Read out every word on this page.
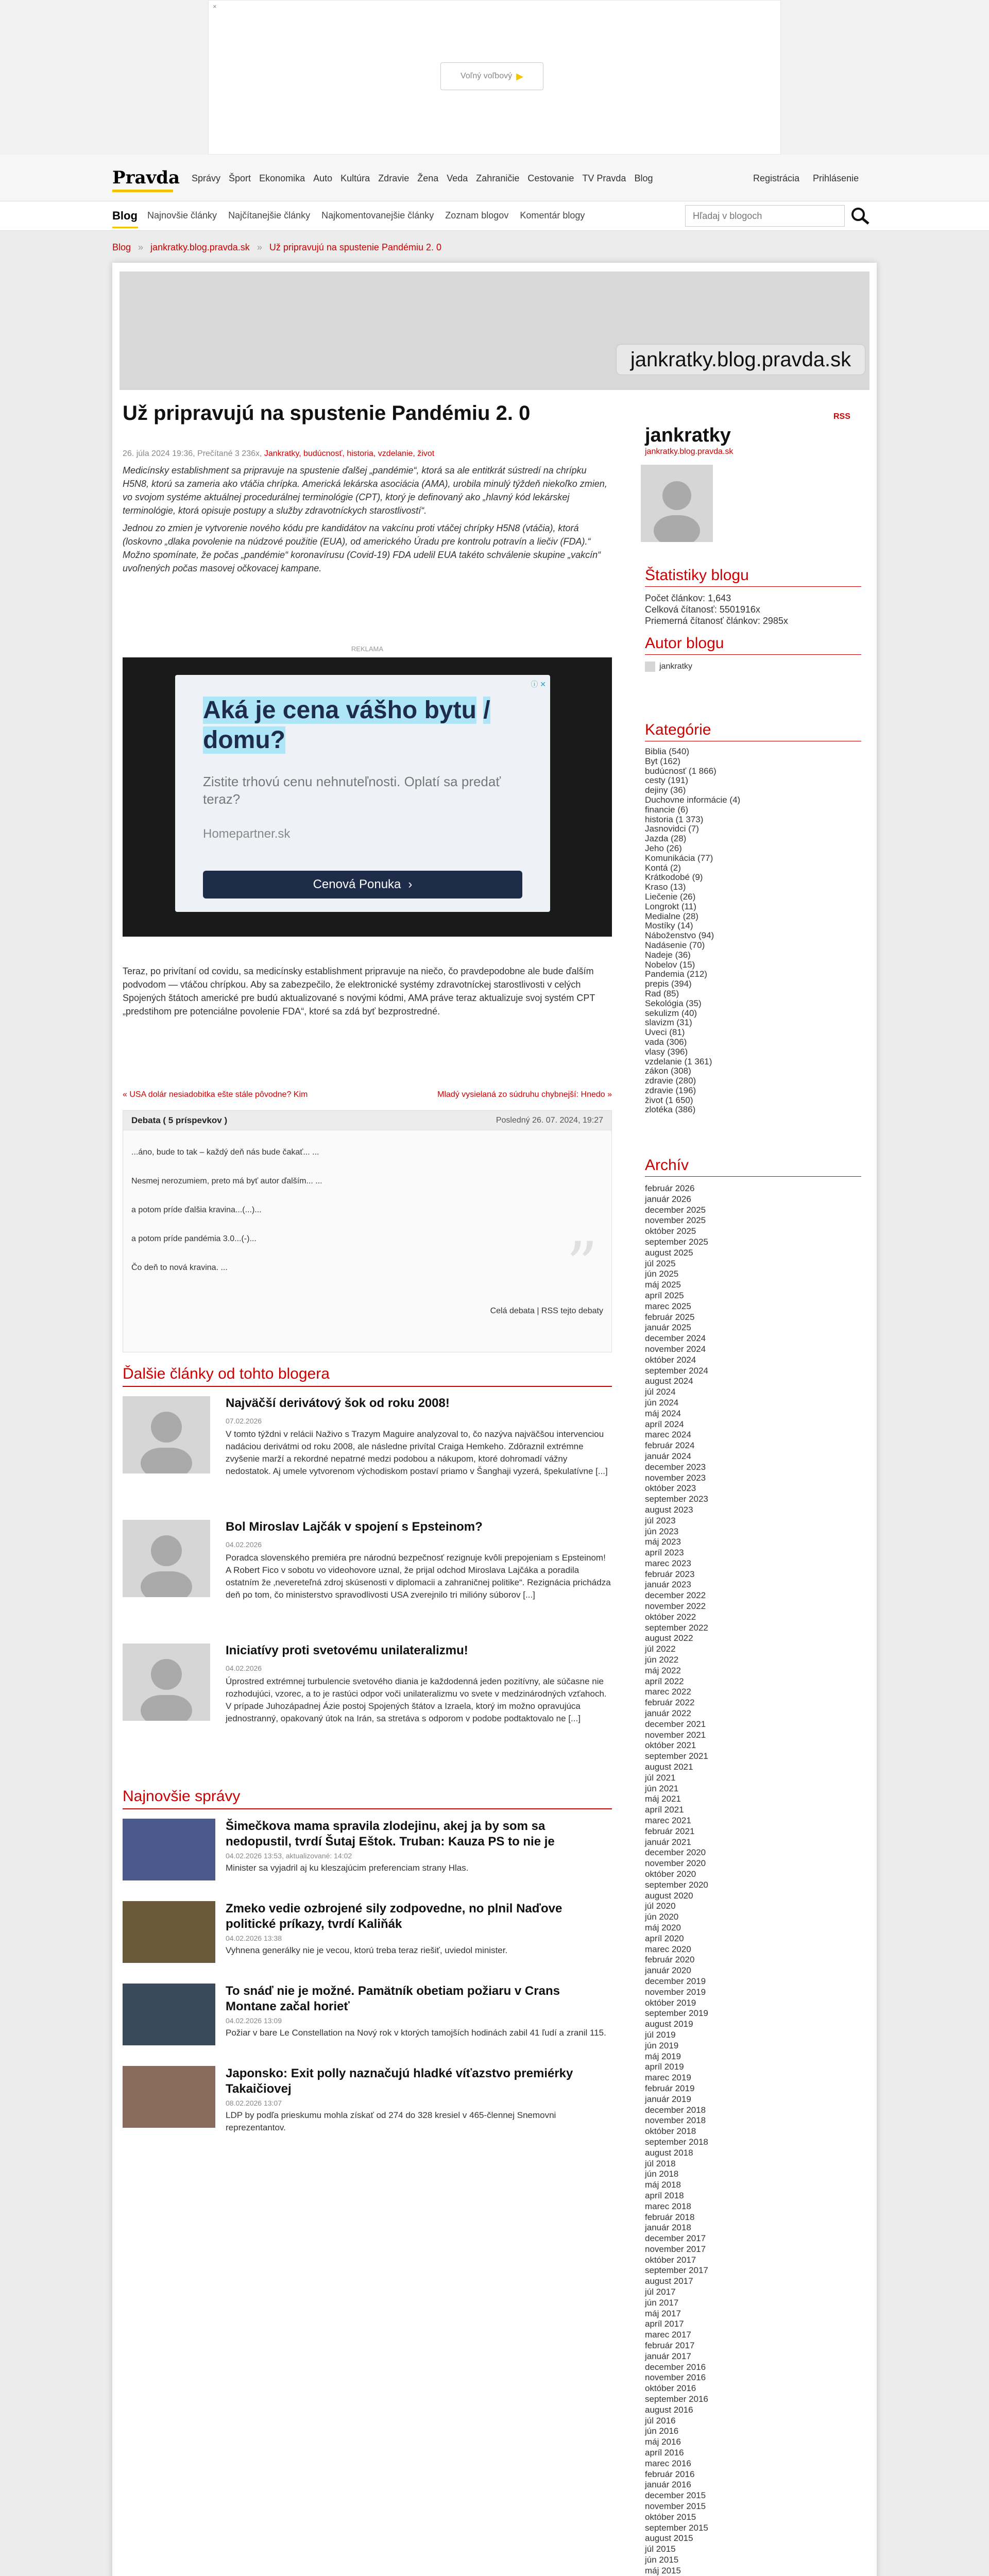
×
Voľný voľbový ▶
Pravda Správy Šport Ekonomika Auto Kultúra Zdravie Žena Veda Zahraničie Cestovanie TV Pravda Blog	Registrácia Prihlásenie
Blog Najnovšie články Najčítanejšie články Najkomentovanejšie články Zoznam blogov Komentár blogy
Hľadaj v blogoch
Blog » jankratky.blog.pravda.sk » Už pripravujú na spustenie Pandémiu 2. 0
jankratky.blog.pravda.sk
Už pripravujú na spustenie Pandémiu 2. 0
26. júla 2024 19:36, Prečítané 3 236x, Jankratky, budúcnosť, historia, vzdelanie, život

Medicínsky establishment sa pripravuje na spustenie ďalšej „pandémie“, ktorá sa ale entitkrát sústredí na chrípku H5N8, ktorú sa zameria ako vtáčia chrípka. Americká lekárska asociácia (AMA), urobila minulý týždeň niekoľko zmien, vo svojom systéme aktuálnej procedurálnej terminológie (CPT), ktorý je definovaný ako „hlavný kód lekárskej terminológie, ktorá opisuje postupy a služby zdravotníckych starostlivostí“.

Jednou zo zmien je vytvorenie nového kódu pre kandidátov na vakcínu proti vtáčej chrípky H5N8 (vtáčia), ktorá (loskovno „dlaka povolenie na núdzové použitie (EUA), od amerického Úradu pre kontrolu potravín a liečiv (FDA).“ Možno spomínate, že počas „pandémie“ koronavírusu (Covid-19) FDA udelil EUA takéto schválenie skupine „vakcín“ uvoľnených počas masovej očkovacej kampane.

REKLAMA
ⓘ ✕
Aká je cena vášho bytu / domu?
Zistite trhovú cenu nehnuteľnosti. Oplatí sa predať teraz?
Homepartner.sk
Cenová Ponuka ›
Teraz, po privítaní od covidu, sa medicínsky establishment pripravuje na niečo, čo pravdepodobne ale bude ďalším podvodom — vtáčou chrípkou. Aby sa zabezpečilo, že elektronické systémy zdravotníckej starostlivosti v celých Spojených štátoch americké pre budú aktualizované s novými kódmi, AMA práve teraz aktualizuje svoj systém CPT „predstihom pre potenciálne povolenie FDA“, ktoré sa zdá byť bezprostredné.
« USA dolár nesiadobitka ešte stále pôvodne? Kim	Mladý vysielaná zo súdruhu chybnejší: Hnedo »
Debata ( 5 príspevkov )	Posledný 26. 07. 2024, 19:27
...áno, bude to tak – každý deň nás bude čakať... ...
Nesmej nerozumiem, preto má byť autor ďalším... ...
a potom príde ďalšia kravina...(...)...
a potom príde pandémia 3.0...(-)...
Čo deň to nová kravina. ...	”
Celá debata | RSS tejto debaty
Ďalšie články od tohto blogera
Najväčší derivátový šok od roku 2008!
07.02.2026
V tomto týždni v relácii Naživo s Trazym Maguire analyzoval to, čo nazýva najväčšou intervenciou nadáciou derivátmi od roku 2008, ale následne privítal Craiga Hemkeho. Zdôraznil extrémne zvyšenie marží a rekordné nepatrné medzi podobou a nákupom, ktoré dohromadí vážny nedostatok. Aj umele vytvorenom východiskom postaví priamo v Šanghaji vyzerá, špekulatívne [...]
Bol Miroslav Lajčák v spojení s Epsteinom?
04.02.2026
Poradca slovenského premiéra pre národnú bezpečnosť rezignuje kvôli prepojeniam s Epsteinom! A Robert Fico v sobotu vo videohovore uznal, že prijal odchod Miroslava Lajčáka a poradila ostatním že ‚nevereteľná zdroj skúsenosti v diplomacii a zahraničnej politike“. Rezignácia prichádza deň po tom, čo ministerstvo spravodlivosti USA zverejnilo tri milióny súborov [...]
Iniciatívy proti svetovému unilateralizmu!
04.02.2026
Úprostred extrémnej turbulencie svetového diania je každodenná jeden pozitívny, ale súčasne nie rozhodujúci, vzorec, a to je rastúci odpor voči unilateralizmu vo svete v medzinárodných vzťahoch. V prípade Juhozápadnej Ázie postoj Spojených štátov a Izraela, ktorý im možno opravujúca jednostranný, opakovaný útok na Irán, sa stretáva s odporom v podobe podtaktovalo ne [...]
Najnovšie správy
Šimečkova mama spravila zlodejinu, akej ja by som sa nedopustil, tvrdí Šutaj Eštok. Truban: Kauza PS to nie je
04.02.2026 13:53, aktualizované: 14:02
Minister sa vyjadril aj ku kleszajúcim preferenciam strany Hlas.
Zmeko vedie ozbrojené sily zodpovedne, no plnil Naďove politické príkazy, tvrdí Kaliňák
04.02.2026 13:38
Vyhnena generálky nie je vecou, ktorú treba teraz riešiť, uviedol minister.
To snáď nie je možné. Pamätník obetiam požiaru v Crans Montane začal horieť
04.02.2026 13:09
Požiar v bare Le Constellation na Nový rok v ktorých tamojších hodinách zabil 41 ľudí a zranil 115.
Japonsko: Exit polly naznačujú hladké víťazstvo premiérky Takaičiovej
08.02.2026 13:07
LDP by podľa prieskumu mohla získať od 274 do 328 kresiel v 465-člennej Snemovni reprezentantov.
RSS
jankratky
jankratky.blog.pravda.sk
Štatistiky blogu
Počet článkov: 1,643
Celková čítanosť: 5501916x
Priemerná čítanosť článkov: 2985x
Autor blogu
jankratky
Kategórie
Biblia (540)
Byt (162)
budúcnosť (1 866)
cesty (191)
dejiny (36)
Duchovne informácie (4)
financie (6)
historia (1 373)
Jasnovidci (7)
Jazda (28)
Jeho (26)
Komunikácia (77)
Kontá (2)
Krátkodobé (9)
Kraso (13)
Liečenie (26)
Longrokt (11)
Medialne (28)
Mostíky (14)
Náboženstvo (94)
Nadásenie (70)
Nadeje (36)
Nobelov (15)
Pandemia (212)
prepis (394)
Rad (85)
Sekológia (35)
sekulizm (40)
slavizm (31)
Uveci (81)
vada (306)
vlasy (396)
vzdelanie (1 361)
zákon (308)
zdravie (280)
zdravie (196)
život (1 650)
zlotéka (386)
Archív
február 2026
január 2026
december 2025
november 2025
október 2025
september 2025
august 2025
júl 2025
jún 2025
máj 2025
apríl 2025
marec 2025
február 2025
január 2025
december 2024
november 2024
október 2024
september 2024
august 2024
júl 2024
jún 2024
máj 2024
apríl 2024
marec 2024
február 2024
január 2024
december 2023
november 2023
október 2023
september 2023
august 2023
júl 2023
jún 2023
máj 2023
apríl 2023
marec 2023
február 2023
január 2023
december 2022
november 2022
október 2022
september 2022
august 2022
júl 2022
jún 2022
máj 2022
apríl 2022
marec 2022
február 2022
január 2022
december 2021
november 2021
október 2021
september 2021
august 2021
júl 2021
jún 2021
máj 2021
apríl 2021
marec 2021
február 2021
január 2021
december 2020
november 2020
október 2020
september 2020
august 2020
júl 2020
jún 2020
máj 2020
apríl 2020
marec 2020
február 2020
január 2020
december 2019
november 2019
október 2019
september 2019
august 2019
júl 2019
jún 2019
máj 2019
apríl 2019
marec 2019
február 2019
január 2019
december 2018
november 2018
október 2018
september 2018
august 2018
júl 2018
jún 2018
máj 2018
apríl 2018
marec 2018
február 2018
január 2018
december 2017
november 2017
október 2017
september 2017
august 2017
júl 2017
jún 2017
máj 2017
apríl 2017
marec 2017
február 2017
január 2017
december 2016
november 2016
október 2016
september 2016
august 2016
júl 2016
jún 2016
máj 2016
apríl 2016
marec 2016
február 2016
január 2016
december 2015
november 2015
október 2015
september 2015
august 2015
júl 2015
jún 2015
máj 2015
